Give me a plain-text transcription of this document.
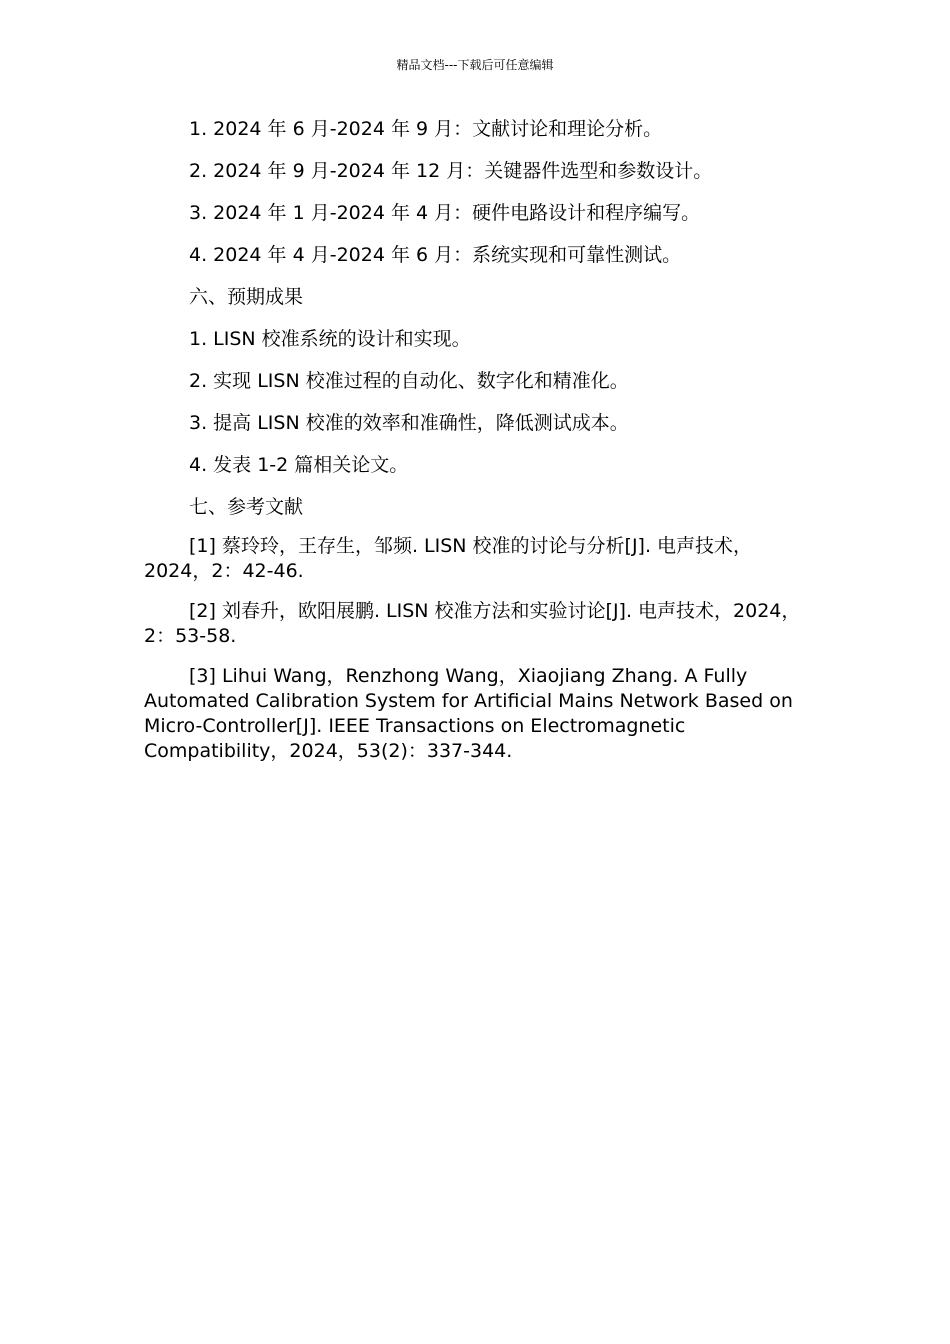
精品文档---下载后可任意编辑

1. 2024 年 6 月-2024 年 9 月：文献讨论和理论分析。

2. 2024 年 9 月-2024 年 12 月：关键器件选型和参数设计。

3. 2024 年 1 月-2024 年 4 月：硬件电路设计和程序编写。

4. 2024 年 4 月-2024 年 6 月：系统实现和可靠性测试。

六、预期成果

1. LISN 校准系统的设计和实现。

2. 实现 LISN 校准过程的自动化、数字化和精准化。

3. 提高 LISN 校准的效率和准确性，降低测试成本。

4. 发表 1-2 篇相关论文。

七、参考文献

[1] 蔡玲玲，王存生，邹频. LISN 校准的讨论与分析[J]. 电声技术，2024，2：42-46.

[2] 刘春升，欧阳展鹏. LISN 校准方法和实验讨论[J]. 电声技术，2024，2：53-58.

[3] Lihui Wang，Renzhong Wang，Xiaojiang Zhang. A Fully Automated Calibration System for Artificial Mains Network Based on Micro-Controller[J]. IEEE Transactions on Electromagnetic Compatibility，2024，53(2)：337-344.
